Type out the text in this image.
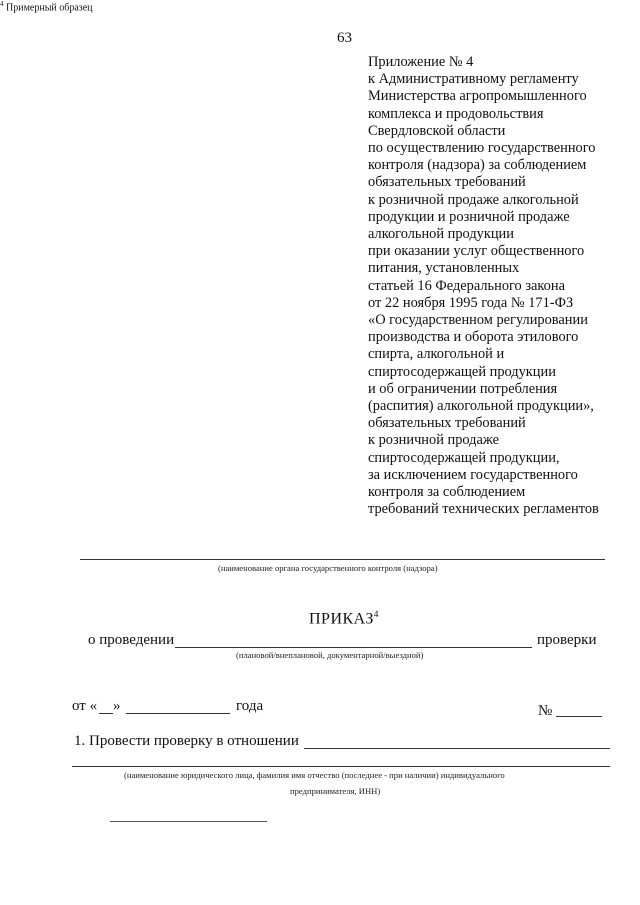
63
Приложение № 4
к Административному регламенту
Министерства агропромышленного
комплекса и продовольствия
Свердловской области
по осуществлению государственного
контроля (надзора) за соблюдением
обязательных требований
к розничной продаже алкогольной
продукции и розничной продаже
алкогольной продукции
при оказании услуг общественного
питания, установленных
статьей 16 Федерального закона
от 22 ноября 1995 года № 171-ФЗ
«О государственном регулировании
производства и оборота этилового
спирта, алкогольной и
спиртосодержащей продукции
и об ограничении потребления
(распития) алкогольной продукции»,
обязательных требований
к розничной продаже
спиртосодержащей продукции,
за исключением государственного
контроля за соблюдением
требований технических регламентов
(наименование органа государственного контроля (надзора)
ПРИКАЗ$^4$
о проведении	проверки
(плановой/внеплановой, документарной/выездной)
от « »	года	№
1. Провести проверку в отношении
(наименование юридического лица, фамилия имя отчество (последнее - при наличии) индивидуального
предпринимателя, ИНН)
$^4$ Примерный образец
